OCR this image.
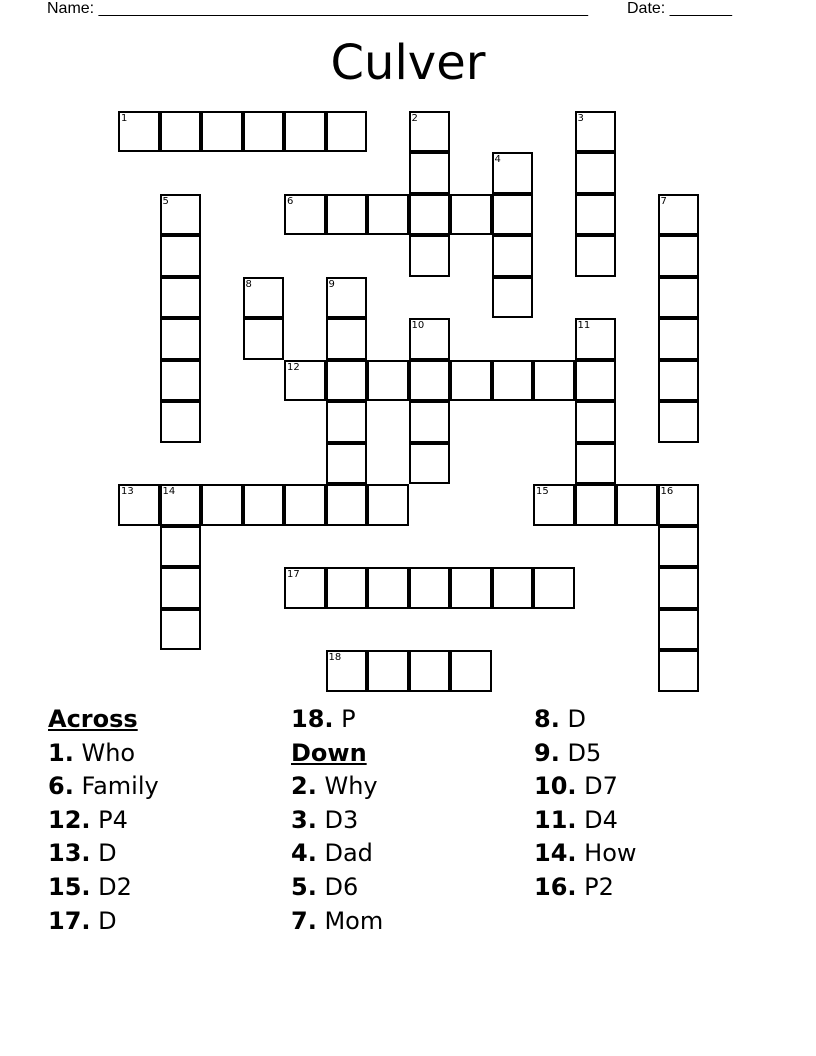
Name: _______________________________________________________ Date: _______
Culver
1	2	3
4
5	6	7
8	9
10	11
12
13	14	15	16
17
18
Across
1. Who
6. Family
12. P4
13. D
15. D2
17. D
18. P
Down
2. Why
3. D3
4. Dad
5. D6
7. Mom
8. D
9. D5
10. D7
11. D4
14. How
16. P2
